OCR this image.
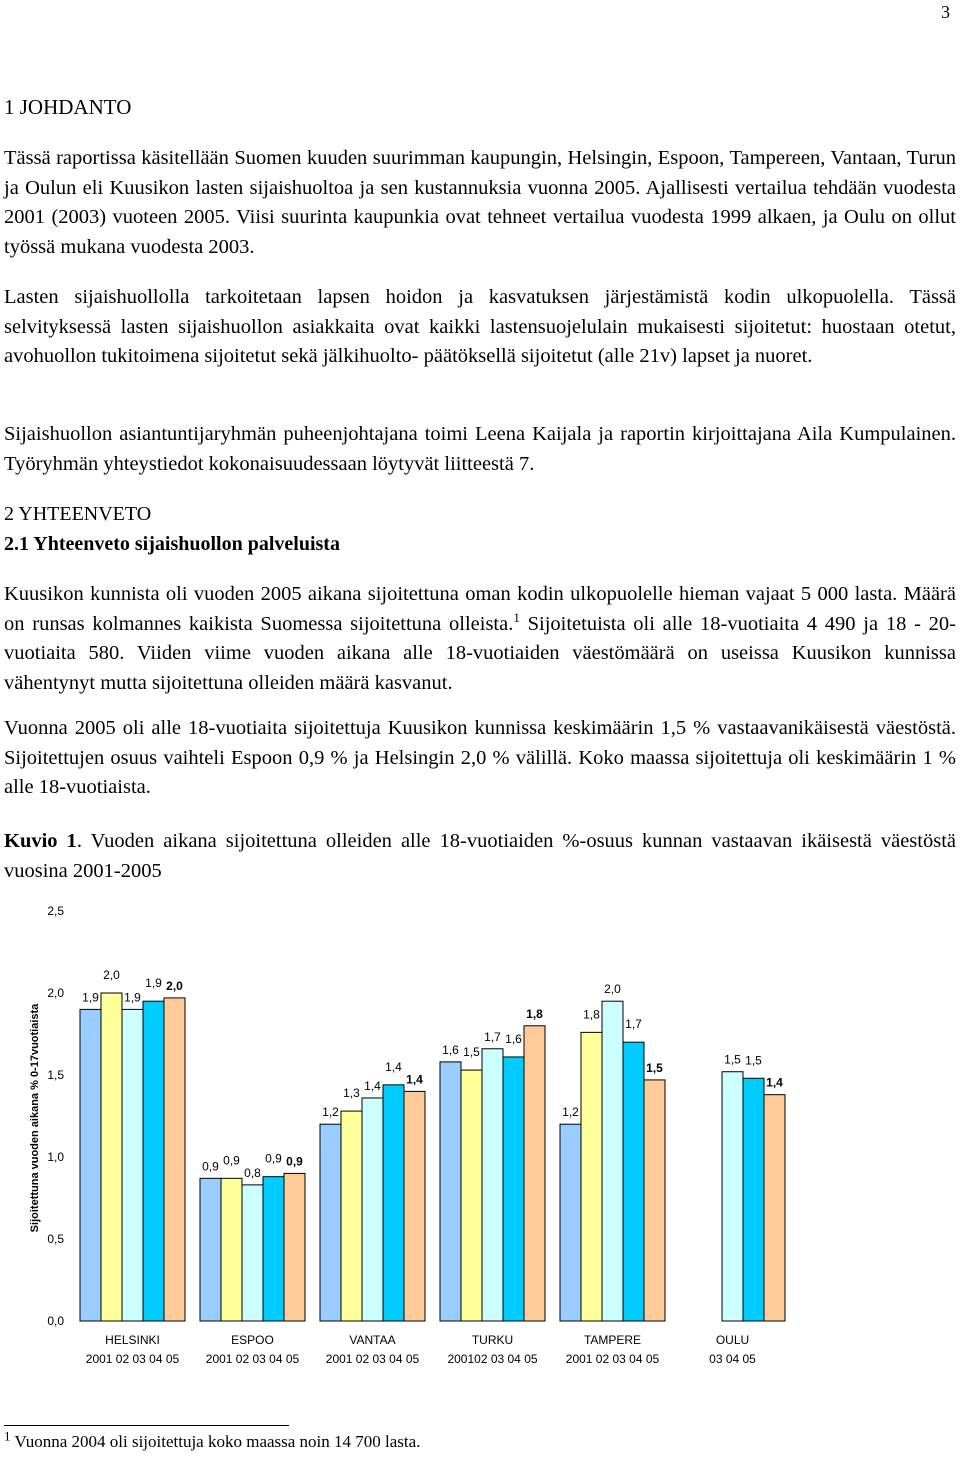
3
1 JOHDANTO

Tässä raportissa käsitellään Suomen kuuden suurimman kaupungin, Helsingin, Espoon, Tampereen, Vantaan, Turun ja Oulun eli Kuusikon lasten sijaishuoltoa ja sen kustannuksia vuonna 2005. Ajallisesti vertailua tehdään vuodesta 2001 (2003) vuoteen 2005. Viisi suurinta kaupunkia ovat tehneet vertailua vuodesta 1999 alkaen, ja Oulu on ollut työssä mukana vuodesta 2003.

Lasten sijaishuollolla tarkoitetaan lapsen hoidon ja kasvatuksen järjestämistä kodin ulkopuolella. Tässä selvityksessä lasten sijaishuollon asiakkaita ovat kaikki lastensuojelulain mukaisesti sijoitetut: huostaan otetut, avohuollon tukitoimena sijoitetut sekä jälkihuolto- päätöksellä sijoitetut (alle 21v) lapset ja nuoret.

Sijaishuollon asiantuntijaryhmän puheenjohtajana toimi Leena Kaijala ja raportin kirjoittajana Aila Kumpulainen. Työryhmän yhteystiedot kokonaisuudessaan löytyvät liitteestä 7.

2 YHTEENVETO
2.1 Yhteenveto sijaishuollon palveluista

Kuusikon kunnista oli vuoden 2005 aikana sijoitettuna oman kodin ulkopuolelle hieman vajaat 5 000 lasta. Määrä on runsas kolmannes kaikista Suomessa sijoitettuna olleista.$^1$ Sijoitetuista oli alle 18-vuotiaita 4 490 ja 18 - 20-vuotiaita 580. Viiden viime vuoden aikana alle 18-vuotiaiden väestömäärä on useissa Kuusikon kunnissa vähentynyt mutta sijoitettuna olleiden määrä kasvanut.

Vuonna 2005 oli alle 18-vuotiaita sijoitettuja Kuusikon kunnissa keskimäärin 1,5 % vastaavanikäisestä väestöstä. Sijoitettujen osuus vaihteli Espoon 0,9 % ja Helsingin 2,0 % välillä. Koko maassa sijoitettuja oli keskimäärin 1 % alle 18-vuotiaista.

Kuvio 1. Vuoden aikana sijoitettuna olleiden alle 18-vuotiaiden %-osuus kunnan vastaavan ikäisestä väestöstä vuosina 2001-2005

Sijoitettuna vuoden aikana % 0-17vuotiaista
0,0
0,5
1,0
1,5
2,0
2,5
1,9
2,0
1,9
1,9 2,0
HELSINKI
2001 02 03 04 05
0,9 0,9
0,8
0,9 0,9
ESPOO
2001 02 03 04 05
1,2
1,3
1,4
1,4
1,4
VANTAA
2001 02 03 04 05
1,6 1,5
1,7 1,6
1,8
TURKU
200102 03 04 05
1,2
1,8
2,0
1,7
1,5
TAMPERE
2001 02 03 04 05
1,5 1,5
1,4
OULU
03 04 05
$^1$ Vuonna 2004 oli sijoitettuja koko maassa noin 14 700 lasta.
